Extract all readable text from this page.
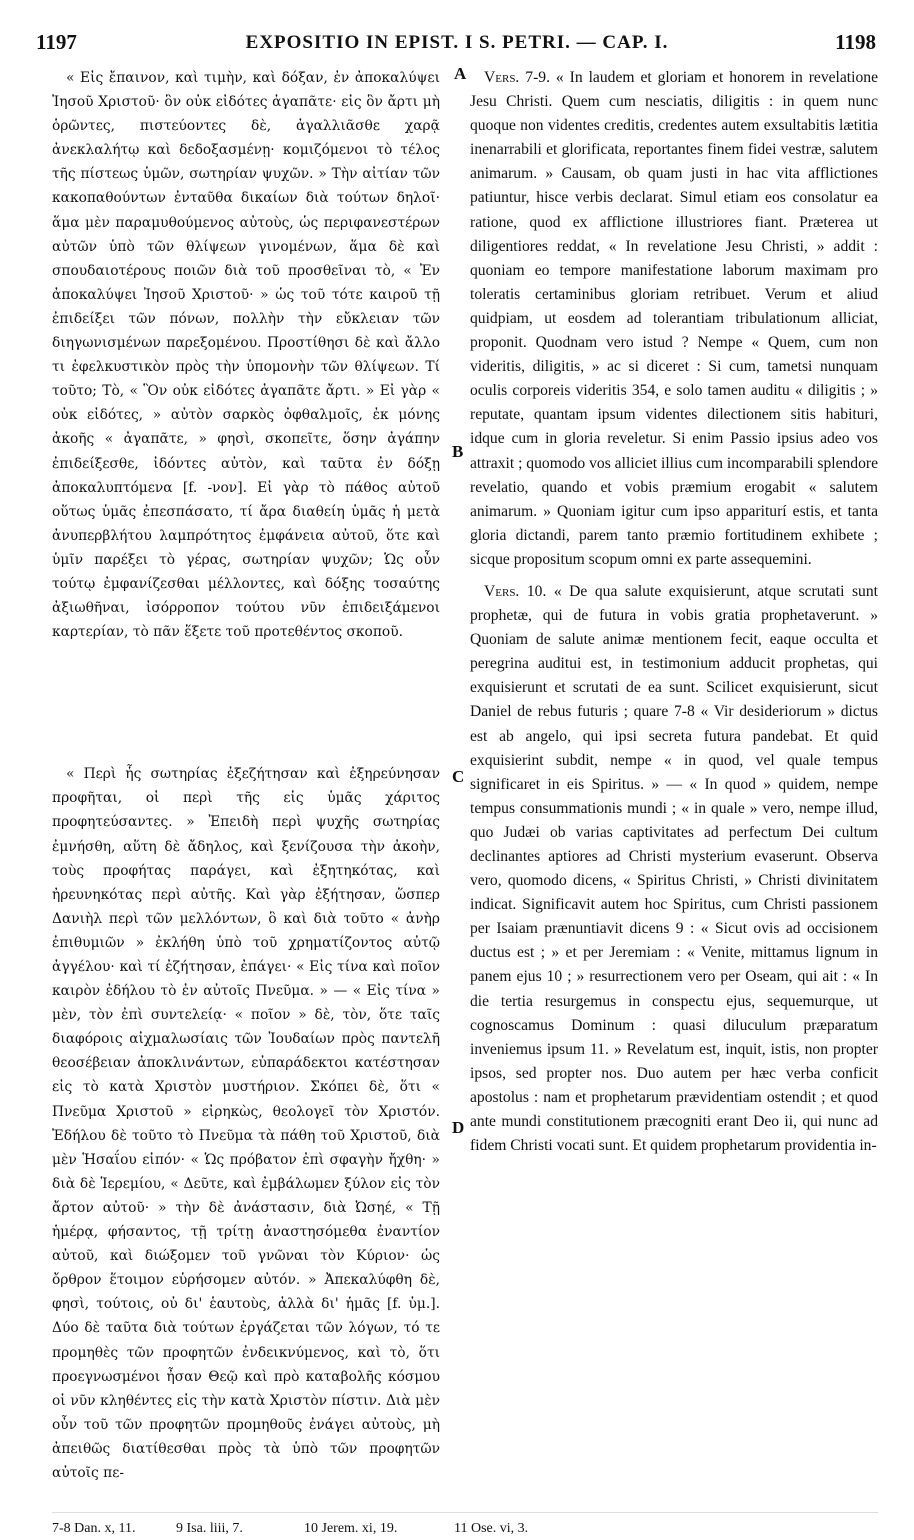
1197	EXPOSITIO IN EPIST. I S. PETRI. — CAP. I.	1198
A
B
C
D

« Εἰς ἔπαινον, καὶ τιμὴν, καὶ δόξαν, ἐν ἀποκαλύψει Ἰησοῦ Χριστοῦ· ὃν οὐκ εἰδότες ἀγαπᾶτε· εἰς ὃν ἄρτι μὴ ὁρῶντες, πιστεύοντες δὲ, ἀγαλλιᾶσθε χαρᾷ ἀνεκλαλήτῳ καὶ δεδοξασμένῃ· κομιζόμενοι τὸ τέλος τῆς πίστεως ὑμῶν, σωτηρίαν ψυχῶν. » Τὴν αἰτίαν τῶν κακοπαθούντων ἐνταῦθα δικαίων διὰ τούτων δηλοῖ· ἅμα μὲν παραμυθούμενος αὐτοὺς, ὡς περιφανεστέρων αὐτῶν ὑπὸ τῶν θλίψεων γινομένων, ἅμα δὲ καὶ σπουδαιοτέρους ποιῶν διὰ τοῦ προσθεῖναι τὸ, « Ἐν ἀποκαλύψει Ἰησοῦ Χριστοῦ· » ὡς τοῦ τότε καιροῦ τῇ ἐπιδείξει τῶν πόνων, πολλὴν τὴν εὔκλειαν τῶν διηγωνισμένων παρεξομένου. Προστίθησι δὲ καὶ ἄλλο τι ἐφελκυστικὸν πρὸς τὴν ὑπομονὴν τῶν θλίψεων. Τί τοῦτο; Τὸ, « Ὃν οὐκ εἰδότες ἀγαπᾶτε ἄρτι. » Εἰ γὰρ « οὐκ εἰδότες, » αὐτὸν σαρκὸς ὀφθαλμοῖς, ἐκ μόνης ἀκοῆς « ἀγαπᾶτε, » φησὶ, σκοπεῖτε, ὅσην ἀγάπην ἐπιδείξεσθε, ἰδόντες αὐτὸν, καὶ ταῦτα ἐν δόξῃ ἀποκαλυπτόμενα [f. -νον]. Εἰ γὰρ τὸ πάθος αὐτοῦ οὕτως ὑμᾶς ἐπεσπάσατο, τί ἄρα διαθείη ὑμᾶς ἡ μετὰ ἀνυπερβλήτου λαμπρότητος ἐμφάνεια αὐτοῦ, ὅτε καὶ ὑμῖν παρέξει τὸ γέρας, σωτηρίαν ψυχῶν; Ὡς οὖν τούτῳ ἐμφανίζεσθαι μέλλοντες, καὶ δόξης τοσαύτης ἀξιωθῆναι, ἰσόρροπον τούτου νῦν ἐπιδειξάμενοι καρτερίαν, τὸ πᾶν ἕξετε τοῦ προτεθέντος σκοποῦ.

« Περὶ ἧς σωτηρίας ἐξεζήτησαν καὶ ἐξηρεύνησαν προφῆται, οἱ περὶ τῆς εἰς ὑμᾶς χάριτος προφητεύσαντες. » Ἐπειδὴ περὶ ψυχῆς σωτηρίας ἐμνήσθη, αὕτη δὲ ἄδηλος, καὶ ξενίζουσα τὴν ἀκοὴν, τοὺς προφήτας παράγει, καὶ ἐξητηκότας, καὶ ἠρευνηκότας περὶ αὐτῆς. Καὶ γὰρ ἐξήτησαν, ὥσπερ Δανιὴλ περὶ τῶν μελλόντων, ὃ καὶ διὰ τοῦτο « ἀνὴρ ἐπιθυμιῶν » ἐκλήθη ὑπὸ τοῦ χρηματίζοντος αὐτῷ ἀγγέλου· καὶ τί ἐζήτησαν, ἐπάγει· « Εἰς τίνα καὶ ποῖον καιρὸν ἐδήλου τὸ ἐν αὐτοῖς Πνεῦμα. » — « Εἰς τίνα » μὲν, τὸν ἐπὶ συντελείᾳ· « ποῖον » δὲ, τὸν, ὅτε ταῖς διαφόροις αἰχμαλωσίαις τῶν Ἰουδαίων πρὸς παντελῆ θεοσέβειαν ἀποκλινάντων, εὐπαράδεκτοι κατέστησαν εἰς τὸ κατὰ Χριστὸν μυστήριον. Σκόπει δὲ, ὅτι « Πνεῦμα Χριστοῦ » εἰρηκὼς, θεολογεῖ τὸν Χριστόν. Ἐδήλου δὲ τοῦτο τὸ Πνεῦμα τὰ πάθη τοῦ Χριστοῦ, διὰ μὲν Ἡσαΐου εἰπόν· « Ὡς πρόβατον ἐπὶ σφαγὴν ἤχθη· » διὰ δὲ Ἱερεμίου, « Δεῦτε, καὶ ἐμβάλωμεν ξύλον εἰς τὸν ἄρτον αὐτοῦ· » τὴν δὲ ἀνάστασιν, διὰ Ὠσηέ, « Τῇ ἡμέρᾳ, φήσαντος, τῇ τρίτῃ ἀναστησόμεθα ἐναντίον αὐτοῦ, καὶ διώξομεν τοῦ γνῶναι τὸν Κύριον· ὡς ὄρθρον ἕτοιμον εὑρήσομεν αὐτόν. » Ἀπεκαλύφθη δὲ, φησὶ, τούτοις, οὐ δι' ἑαυτοὺς, ἀλλὰ δι' ἡμᾶς [f. ὑμ.]. Δύο δὲ ταῦτα διὰ τούτων ἐργάζεται τῶν λόγων, τό τε προμηθὲς τῶν προφητῶν ἐνδεικνύμενος, καὶ τὸ, ὅτι προεγνωσμένοι ἦσαν Θεῷ καὶ πρὸ καταβολῆς κόσμου οἱ νῦν κληθέντες εἰς τὴν κατὰ Χριστὸν πίστιν. Διὰ μὲν οὖν τοῦ τῶν προφητῶν προμηθοῦς ἐνάγει αὐτοὺς, μὴ ἀπειθῶς διατίθεσθαι πρὸς τὰ ὑπὸ τῶν προφητῶν αὐτοῖς πε-

Vers. 7-9. « In laudem et gloriam et honorem in revelatione Jesu Christi. Quem cum nesciatis, diligitis : in quem nunc quoque non videntes creditis, credentes autem exsultabitis lætitia inenarrabili et glorificata, reportantes finem fidei vestræ, salutem animarum. » Causam, ob quam justi in hac vita afflictiones patiuntur, hisce verbis declarat. Simul etiam eos consolatur ea ratione, quod ex afflictione illustriores fiant. Præterea ut diligentiores reddat, « In revelatione Jesu Christi, » addit : quoniam eo tempore manifestatione laborum maximam pro toleratis certaminibus gloriam retribuet. Verum et aliud quidpiam, ut eosdem ad tolerantiam tribulationum alliciat, proponit. Quodnam vero istud ? Nempe « Quem, cum non videritis, diligitis, » ac si diceret : Si cum, tametsi nunquam oculis corporeis videritis 354, e solo tamen auditu « diligitis ; » reputate, quantam ipsum videntes dilectionem sitis habituri, idque cum in gloria reveletur. Si enim Passio ipsius adeo vos attraxit ; quomodo vos alliciet illius cum incomparabili splendore revelatio, quando et vobis præmium erogabit « salutem animarum. » Quoniam igitur cum ipso appariturí estis, et tanta gloria dictandi, parem tanto præmio fortitudinem exhibete ; sicque propositum scopum omni ex parte assequemini.

Vers. 10. « De qua salute exquisierunt, atque scrutati sunt prophetæ, qui de futura in vobis gratia prophetaverunt. » Quoniam de salute animæ mentionem fecit, eaque occulta et peregrina auditui est, in testimonium adducit prophetas, qui exquisierunt et scrutati de ea sunt. Scilicet exquisierunt, sicut Daniel de rebus futuris ; quare 7-8 « Vir desideriorum » dictus est ab angelo, qui ipsi secreta futura pandebat. Et quid exquisierint subdit, nempe « in quod, vel quale tempus significaret in eis Spiritus. » — « In quod » quidem, nempe tempus consummationis mundi ; « in quale » vero, nempe illud, quo Judæi ob varias captivitates ad perfectum Dei cultum declinantes aptiores ad Christi mysterium evaserunt. Observa vero, quomodo dicens, « Spiritus Christi, » Christi divinitatem indicat. Significavit autem hoc Spiritus, cum Christi passionem per Isaiam prænuntiavit dicens 9 : « Sicut ovis ad occisionem ductus est ; » et per Jeremiam : « Venite, mittamus lignum in panem ejus 10 ; » resurrectionem vero per Oseam, qui ait : « In die tertia resurgemus in conspectu ejus, sequemurque, ut cognoscamus Dominum : quasi diluculum præparatum inveniemus ipsum 11. » Revelatum est, inquit, istis, non propter ipsos, sed propter nos. Duo autem per hæc verba conficit apostolus : nam et prophetarum prævidentiam ostendit ; et quod ante mundi constitutionem præcogniti erant Deo ii, qui nunc ad fidem Christi vocati sunt. Et quidem prophetarum providentia in-

7-8 Dan. x, 11.	9 Isa. liii, 7.	10 Jerem. xi, 19.	11 Ose. vi, 3.
